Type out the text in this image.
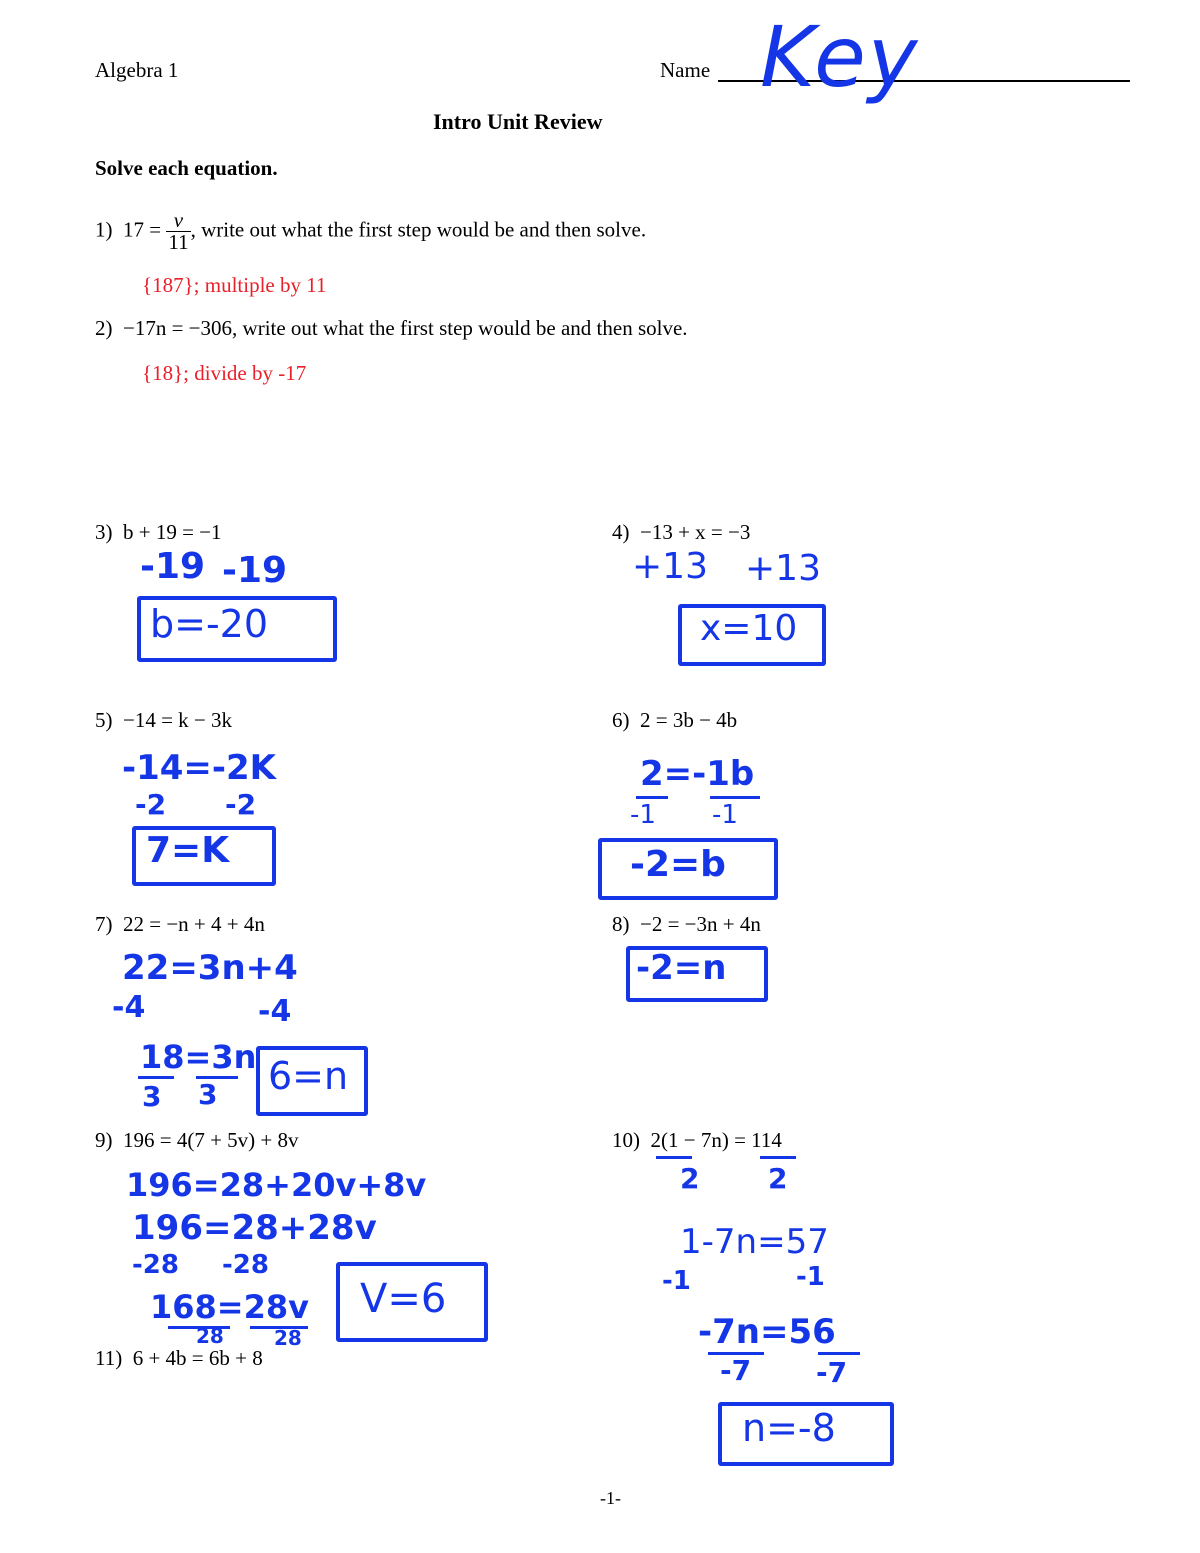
Algebra 1	Name Key
Intro Unit Review
Solve each equation.
1) $17 = \frac{v}{11}$ , write out what the first step would be and then solve.
{187}; multiple by 11
2) −17n = −306, write out what the first step would be and then solve.
{18}; divide by -17
3) b + 19 = −1
-19 -19
b=-20
4) −13 + x = −3
+13 +13
x=10
5) −14 = k − 3k
-14=-2K
-2 -2
7=K
6) 2 = 3b − 4b
2=-1b
-1 -1
-2=b
7) 22 = −n + 4 + 4n
22=3n+4
-4	-4
18=3n
3 3 6=n
8) −2 = −3n + 4n
-2=n
9) 196 = 4(7 + 5v) + 8v
196=28+20v+8v
196=28+28v
-28 -28
168=28v
28	28
V=6
10) 2(1 − 7n) = 114
2 2
1-7n=57
-1	-1
-7n=56
-7 -7
n=-8
11) 6 + 4b = 6b + 8
-1-
